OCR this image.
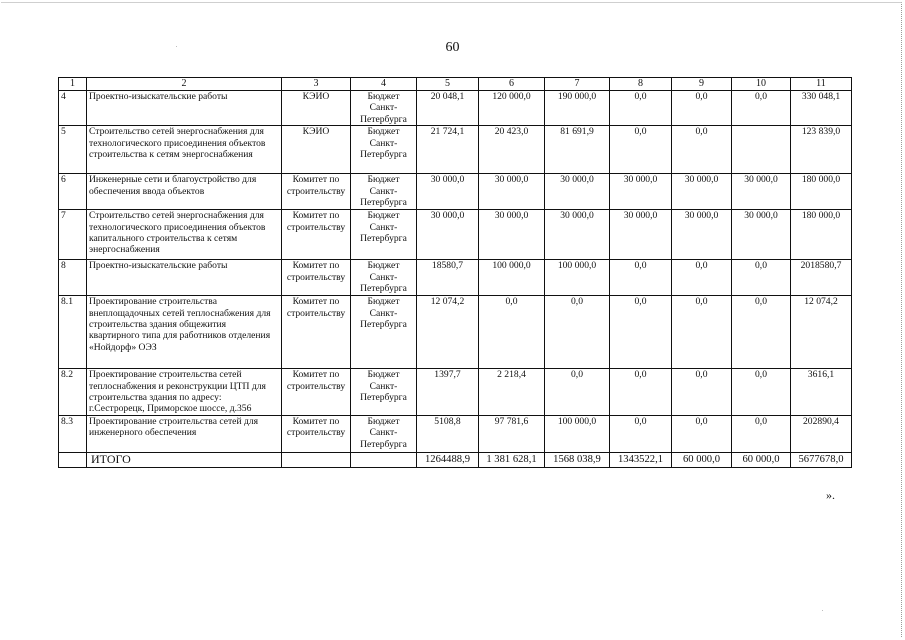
60
1	2	3	4	5	6	7	8	9	10	11
4	Проектно-изыскательские работы	КЭИО	Бюджет Санкт-Петербурга	20 048,1	120 000,0	190 000,0	0,0	0,0	0,0	330 048,1
5	Строительство сетей энергоснабжения для технологического присоединения объектов строительства к сетям энергоснабжения	КЭИО	Бюджет Санкт-Петербурга	21 724,1	20 423,0	81 691,9	0,0	0,0		123 839,0
6	Инженерные сети и благоустройство для обеспечения ввода объектов	Комитет по строительству	Бюджет Санкт-Петербурга	30 000,0	30 000,0	30 000,0	30 000,0	30 000,0	30 000,0	180 000,0
7	Строительство сетей энергоснабжения для технологического присоединения объектов капитального строительства к сетям энергоснабжения	Комитет по строительству	Бюджет Санкт-Петербурга	30 000,0	30 000,0	30 000,0	30 000,0	30 000,0	30 000,0	180 000,0
8	Проектно-изыскательские работы	Комитет по строительству	Бюджет Санкт-Петербурга	18580,7	100 000,0	100 000,0	0,0	0,0	0,0	2018580,7
8.1	Проектирование строительства внеплощадочных сетей теплоснабжения для строительства здания общежития квартирного типа для работников отделения «Нойдорф» ОЭЗ	Комитет по строительству	Бюджет Санкт-Петербурга	12 074,2	0,0	0,0	0,0	0,0	0,0	12 074,2
8.2	Проектирование строительства сетей теплоснабжения и реконструкции ЦТП для строительства здания по адресу: г.Сестрорецк, Приморское шоссе, д.356	Комитет по строительству	Бюджет Санкт-Петербурга	1397,7	2 218,4	0,0	0,0	0,0	0,0	3616,1
8.3	Проектирование строительства сетей для инженерного обеспечения	Комитет по строительству	Бюджет Санкт-Петербурга	5108,8	97 781,6	100 000,0	0,0	0,0	0,0	202890,4
	ИТОГО			1264488,9	1 381 628,1	1568 038,9	1343522,1	60 000,0	60 000,0	5677678,0
».
